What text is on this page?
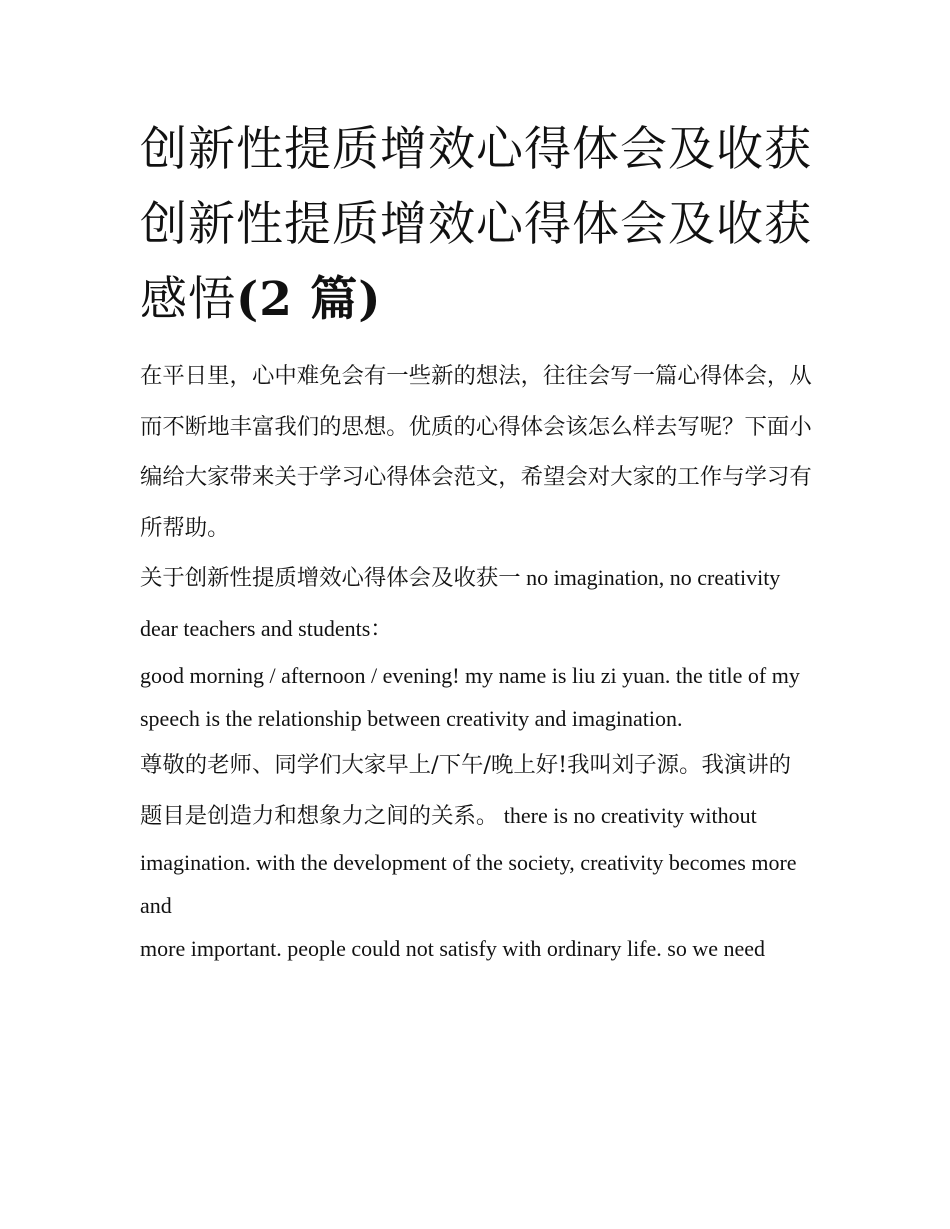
创新性提质增效心得体会及收获 创新性提质增效心得体会及收获感悟(2 篇)

在平日里，心中难免会有一些新的想法，往往会写一篇心得体会，从而不断地丰富我们的思想。优质的心得体会该怎么样去写呢？下面小编给大家带来关于学习心得体会范文，希望会对大家的工作与学习有所帮助。

关于创新性提质增效心得体会及收获一 no imagination, no creativity dear teachers and students：

good morning / afternoon / evening! my name is liu zi yuan. the title of my

speech is the relationship between creativity and imagination.

尊敬的老师、同学们大家早上/下午/晚上好!我叫刘子源。我演讲的题目是创造力和想象力之间的关系。 there is no creativity without

imagination. with the development of the society, creativity becomes more and

more important. people could not satisfy with ordinary life. so we need
